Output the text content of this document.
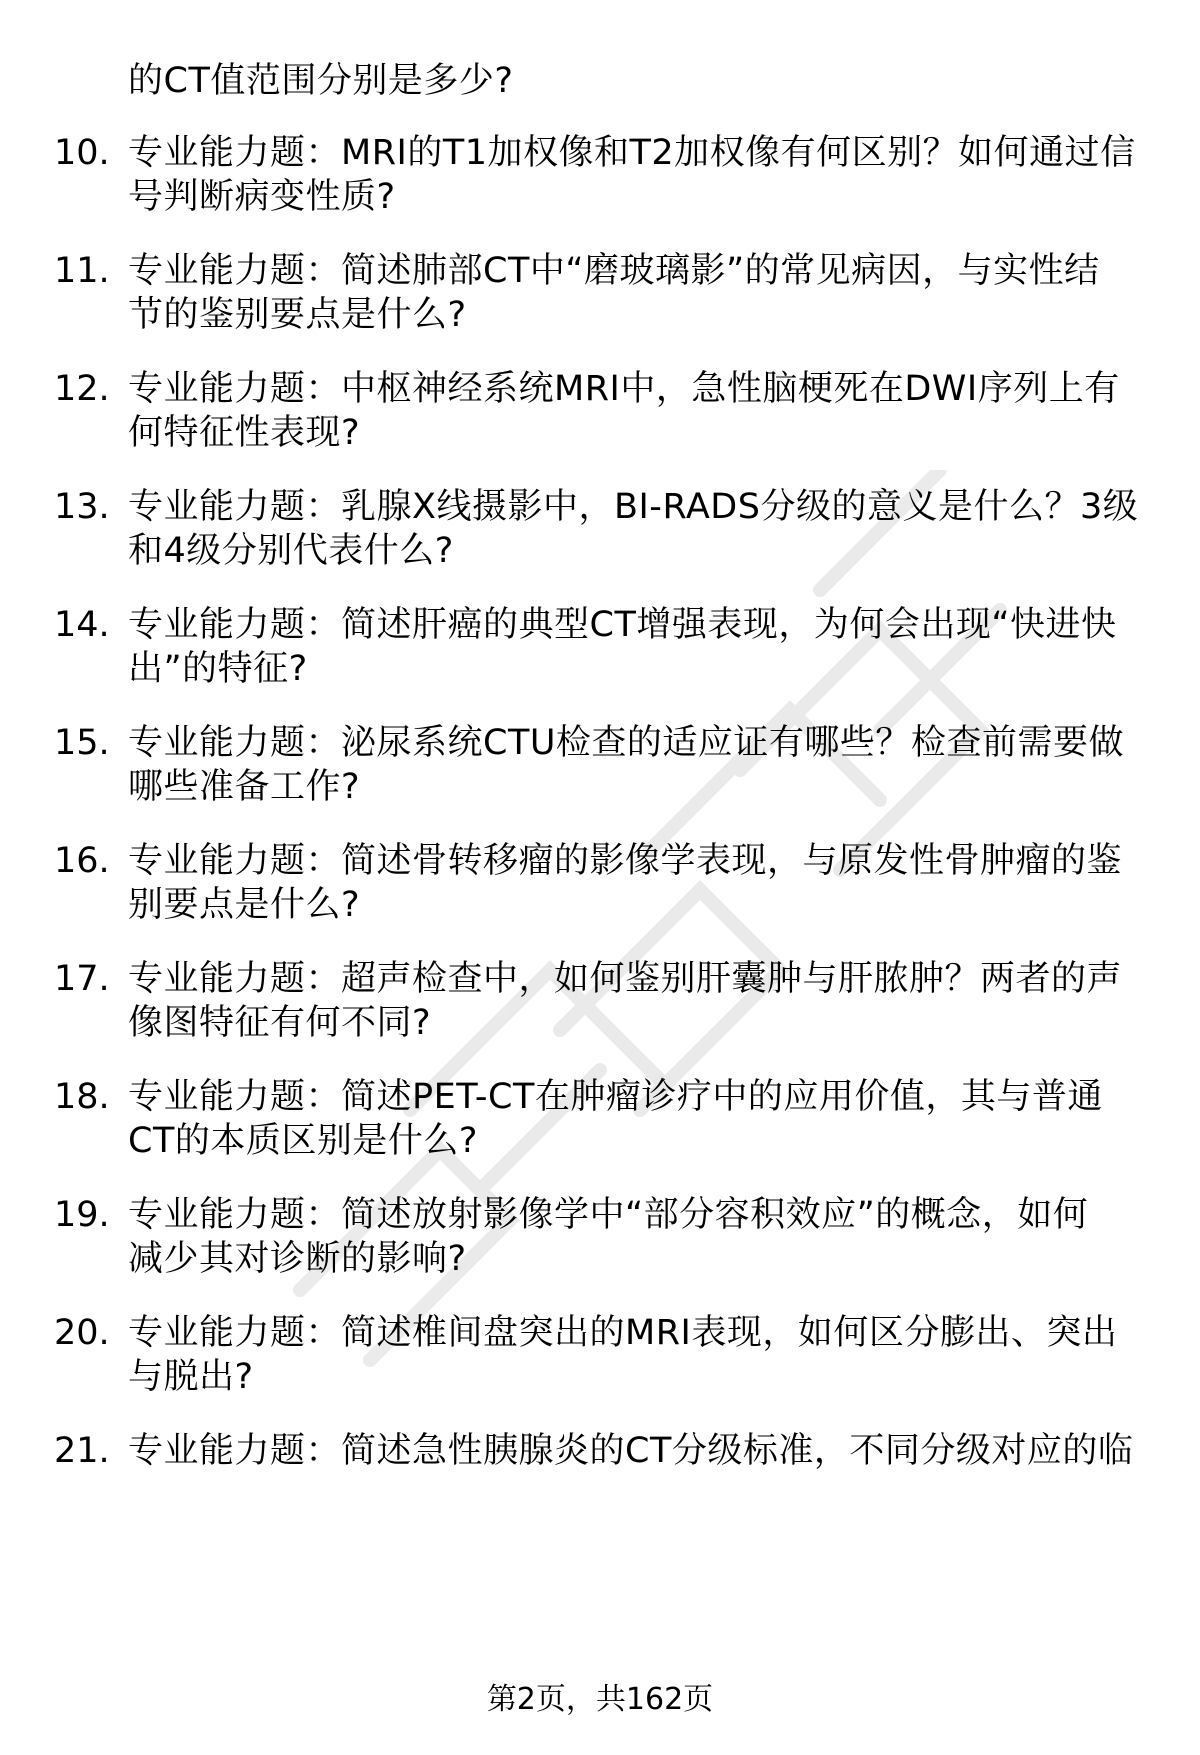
的CT值范围分别是多少?
10. 专业能力题：MRI的T1加权像和T2加权像有何区别？如何通过信
号判断病变性质?
11. 专业能力题：简述肺部CT中“磨玻璃影”的常见病因，与实性结
节的鉴别要点是什么?
12. 专业能力题：中枢神经系统MRI中，急性脑梗死在DWI序列上有
何特征性表现?
13. 专业能力题：乳腺X线摄影中，BI-RADS分级的意义是什么？3级
和4级分别代表什么?
14. 专业能力题：简述肝癌的典型CT增强表现，为何会出现“快进快
出”的特征?
15. 专业能力题：泌尿系统CTU检查的适应证有哪些？检查前需要做
哪些准备工作?
16. 专业能力题：简述骨转移瘤的影像学表现，与原发性骨肿瘤的鉴
别要点是什么?
17. 专业能力题：超声检查中，如何鉴别肝囊肿与肝脓肿？两者的声
像图特征有何不同?
18. 专业能力题：简述PET-CT在肿瘤诊疗中的应用价值，其与普通
CT的本质区别是什么?
19. 专业能力题：简述放射影像学中“部分容积效应”的概念，如何
减少其对诊断的影响?
20. 专业能力题：简述椎间盘突出的MRI表现，如何区分膨出、突出
与脱出?
21. 专业能力题：简述急性胰腺炎的CT分级标准，不同分级对应的临
第2页，共162页
